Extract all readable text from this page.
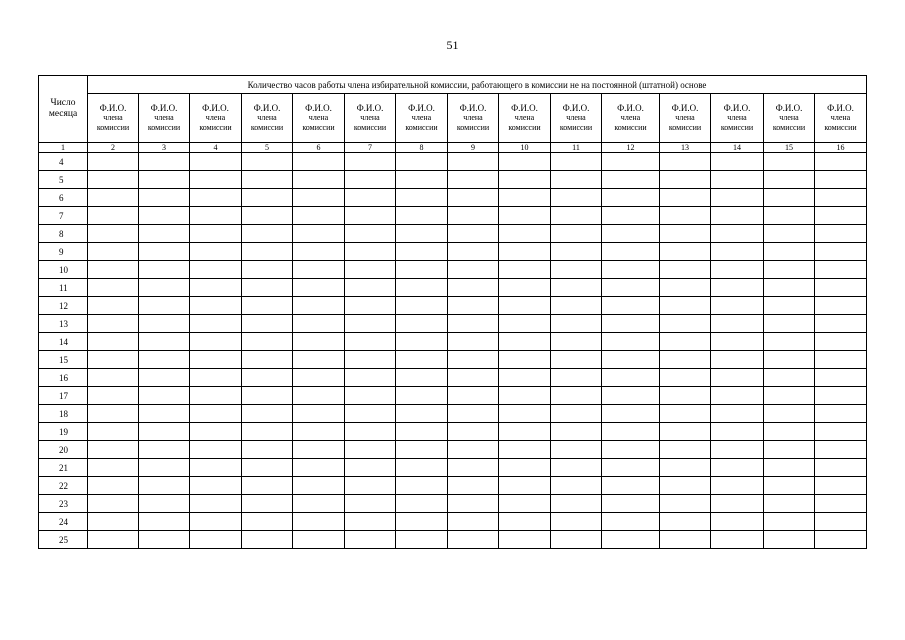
51
Число месяца	Количество часов работы члена избирательной комиссии, работающего в комиссии не на постоянной (штатной) основе														

	Ф.И.О.
члена
комиссии	Ф.И.О.
члена
комиссии	Ф.И.О.
члена
комиссии	Ф.И.О.
члена
комиссии	Ф.И.О.
члена
комиссии	Ф.И.О.
члена
комиссии	Ф.И.О.
члена
комиссии	Ф.И.О.
члена
комиссии	Ф.И.О.
члена
комиссии	Ф.И.О.
члена
комиссии	Ф.И.О.
члена
комиссии	Ф.И.О.
члена
комиссии	Ф.И.О.
члена
комиссии	Ф.И.О.
члена
комиссии	Ф.И.О.
члена
комиссии

1	2	3	4	5	6	7	8	9	10	11	12	13	14	15	16
4															
5															
6															
7															
8															
9															
10															
11															
12															
13															
14															
15															
16															
17															
18															
19															
20															
21															
22															
23															
24															
25															
